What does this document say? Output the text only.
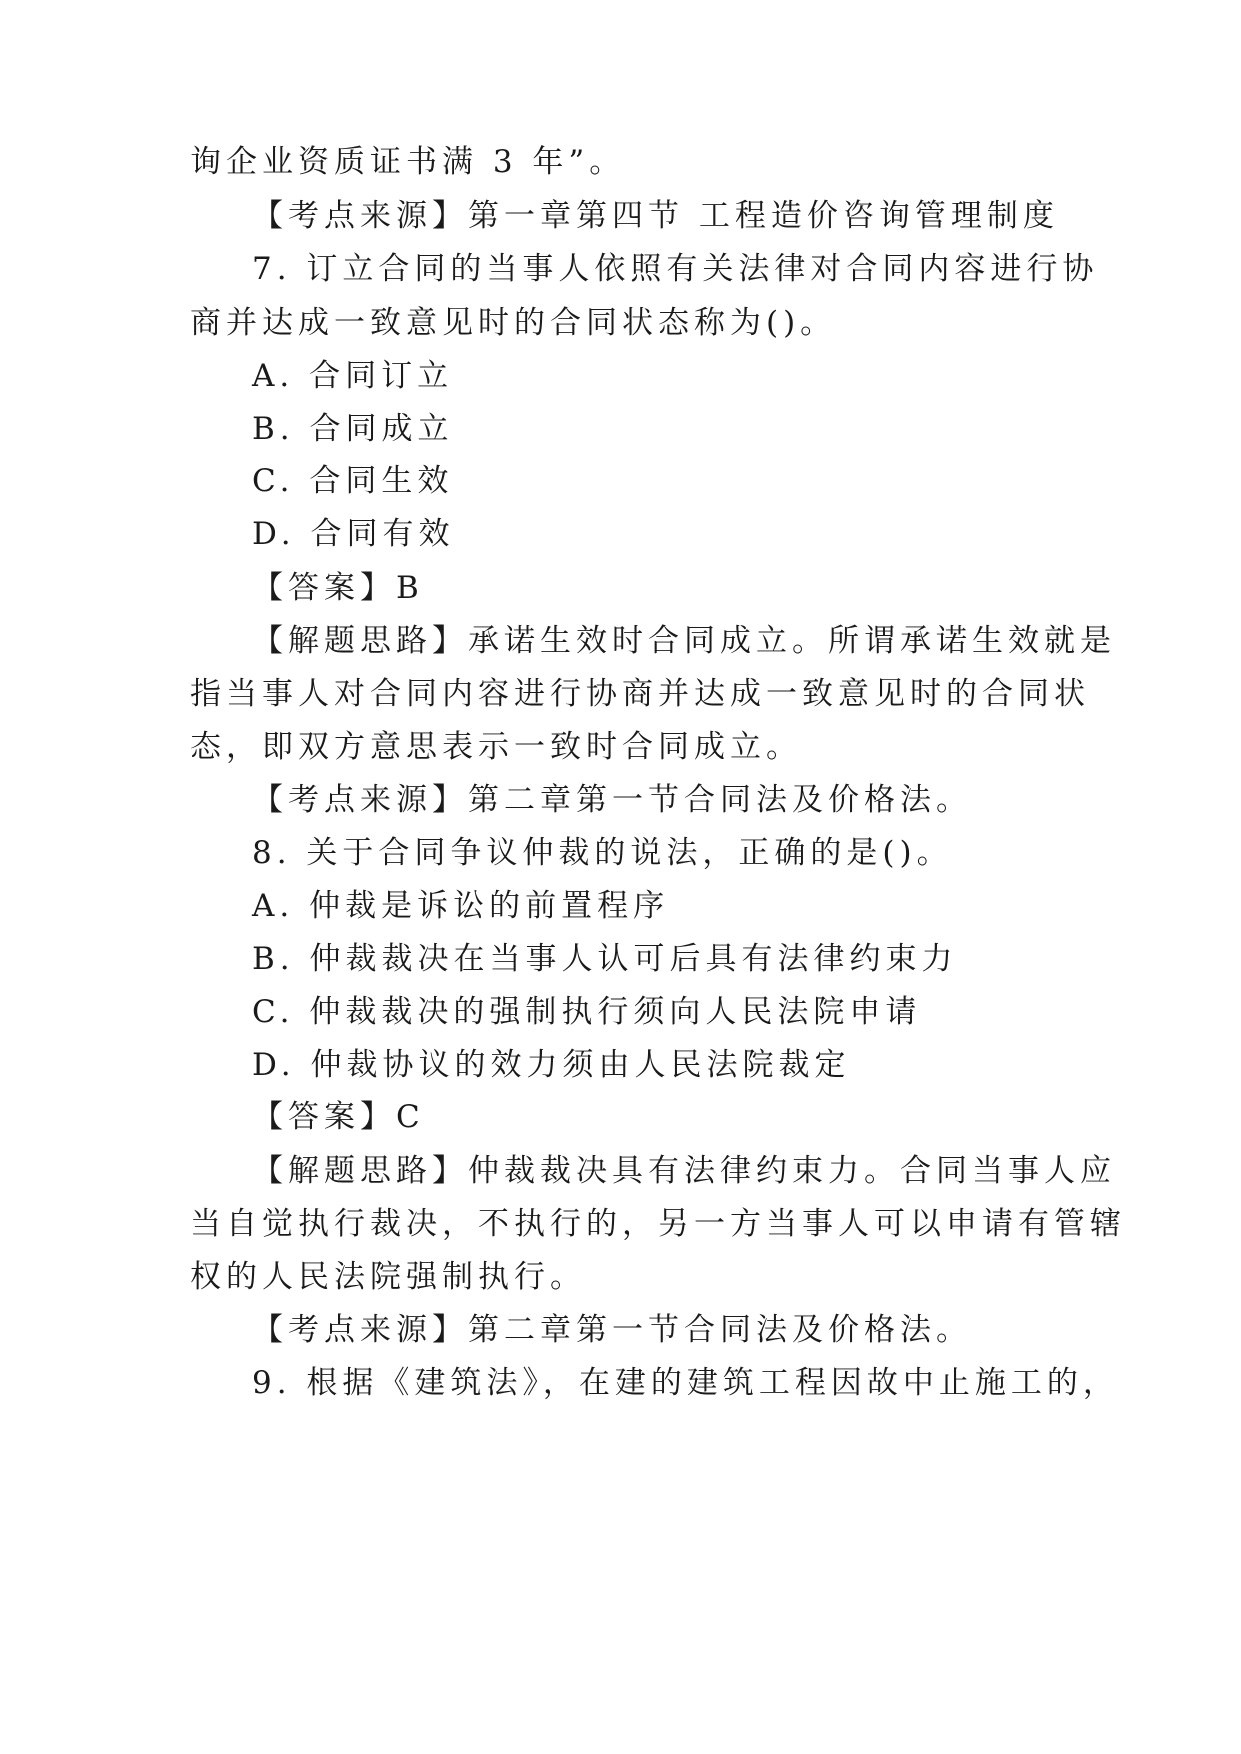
询企业资质证书满 3 年”。

【考点来源】第一章第四节 工程造价咨询管理制度

7. 订立合同的当事人依照有关法律对合同内容进行协

商并达成一致意见时的合同状态称为()。

A. 合同订立

B. 合同成立

C. 合同生效

D. 合同有效

【答案】B

【解题思路】承诺生效时合同成立。所谓承诺生效就是

指当事人对合同内容进行协商并达成一致意见时的合同状

态，即双方意思表示一致时合同成立。

【考点来源】第二章第一节合同法及价格法。

8. 关于合同争议仲裁的说法，正确的是()。

A. 仲裁是诉讼的前置程序

B. 仲裁裁决在当事人认可后具有法律约束力

C. 仲裁裁决的强制执行须向人民法院申请

D. 仲裁协议的效力须由人民法院裁定

【答案】C

【解题思路】仲裁裁决具有法律约束力。合同当事人应

当自觉执行裁决，不执行的，另一方当事人可以申请有管辖

权的人民法院强制执行。

【考点来源】第二章第一节合同法及价格法。

9. 根据《建筑法》，在建的建筑工程因故中止施工的，
